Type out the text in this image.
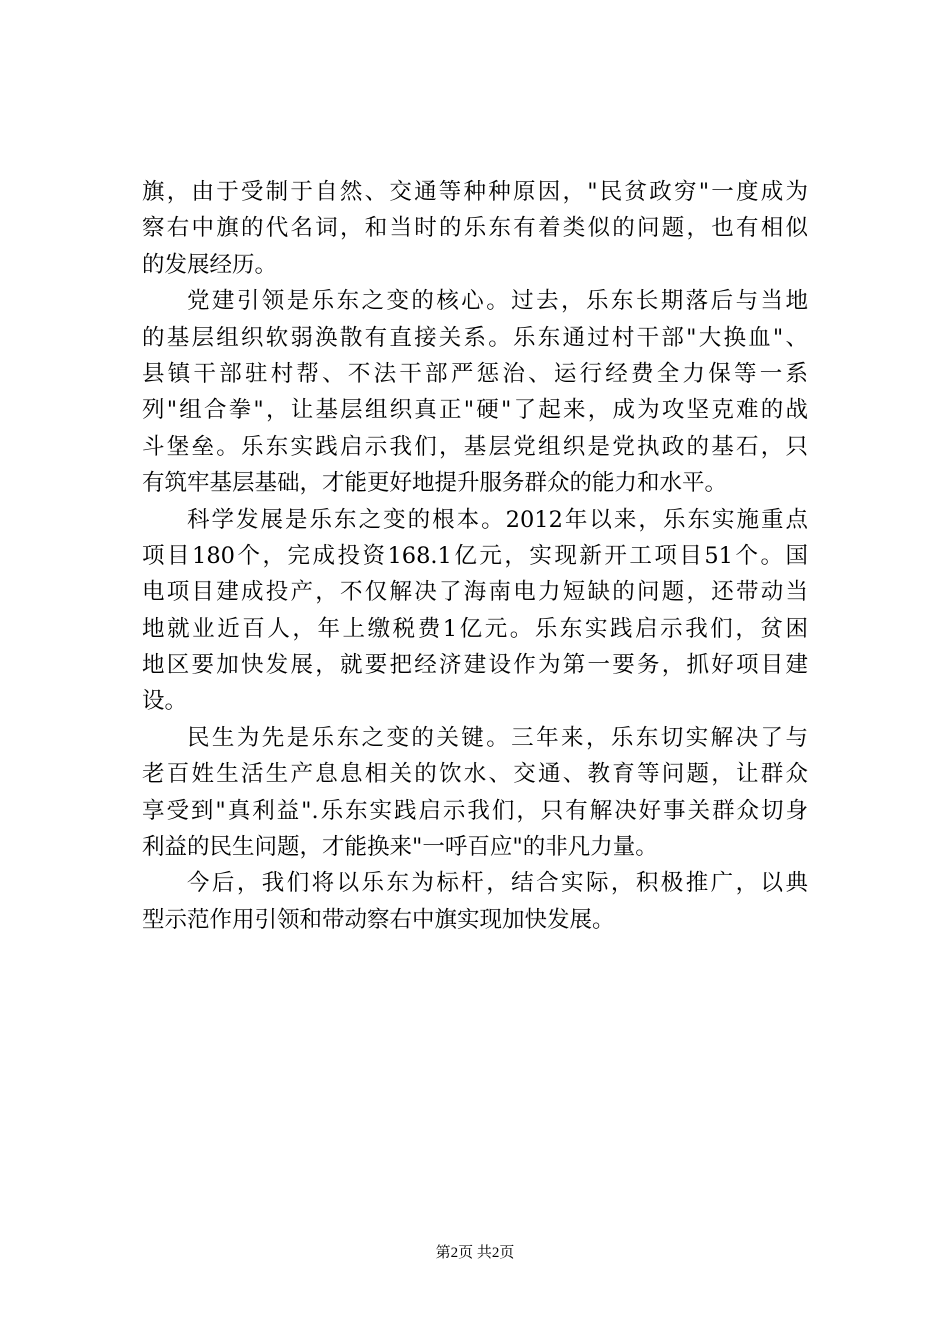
旗，由于受制于自然、交通等种种原因，"民贫政穷"一度成为
察右中旗的代名词，和当时的乐东有着类似的问题，也有相似
的发展经历。
党建引领是乐东之变的核心。过去，乐东长期落后与当地
的基层组织软弱涣散有直接关系。乐东通过村干部"大换血"、
县镇干部驻村帮、不法干部严惩治、运行经费全力保等一系
列"组合拳"，让基层组织真正"硬"了起来，成为攻坚克难的战
斗堡垒。乐东实践启示我们，基层党组织是党执政的基石，只
有筑牢基层基础，才能更好地提升服务群众的能力和水平。
科学发展是乐东之变的根本。2012年以来，乐东实施重点
项目180个，完成投资168.1亿元，实现新开工项目51个。国
电项目建成投产，不仅解决了海南电力短缺的问题，还带动当
地就业近百人，年上缴税费1亿元。乐东实践启示我们，贫困
地区要加快发展，就要把经济建设作为第一要务，抓好项目建
设。
民生为先是乐东之变的关键。三年来，乐东切实解决了与
老百姓生活生产息息相关的饮水、交通、教育等问题，让群众
享受到"真利益".乐东实践启示我们，只有解决好事关群众切身
利益的民生问题，才能换来"一呼百应"的非凡力量。
今后，我们将以乐东为标杆，结合实际，积极推广，以典
型示范作用引领和带动察右中旗实现加快发展。
第2页 共2页
